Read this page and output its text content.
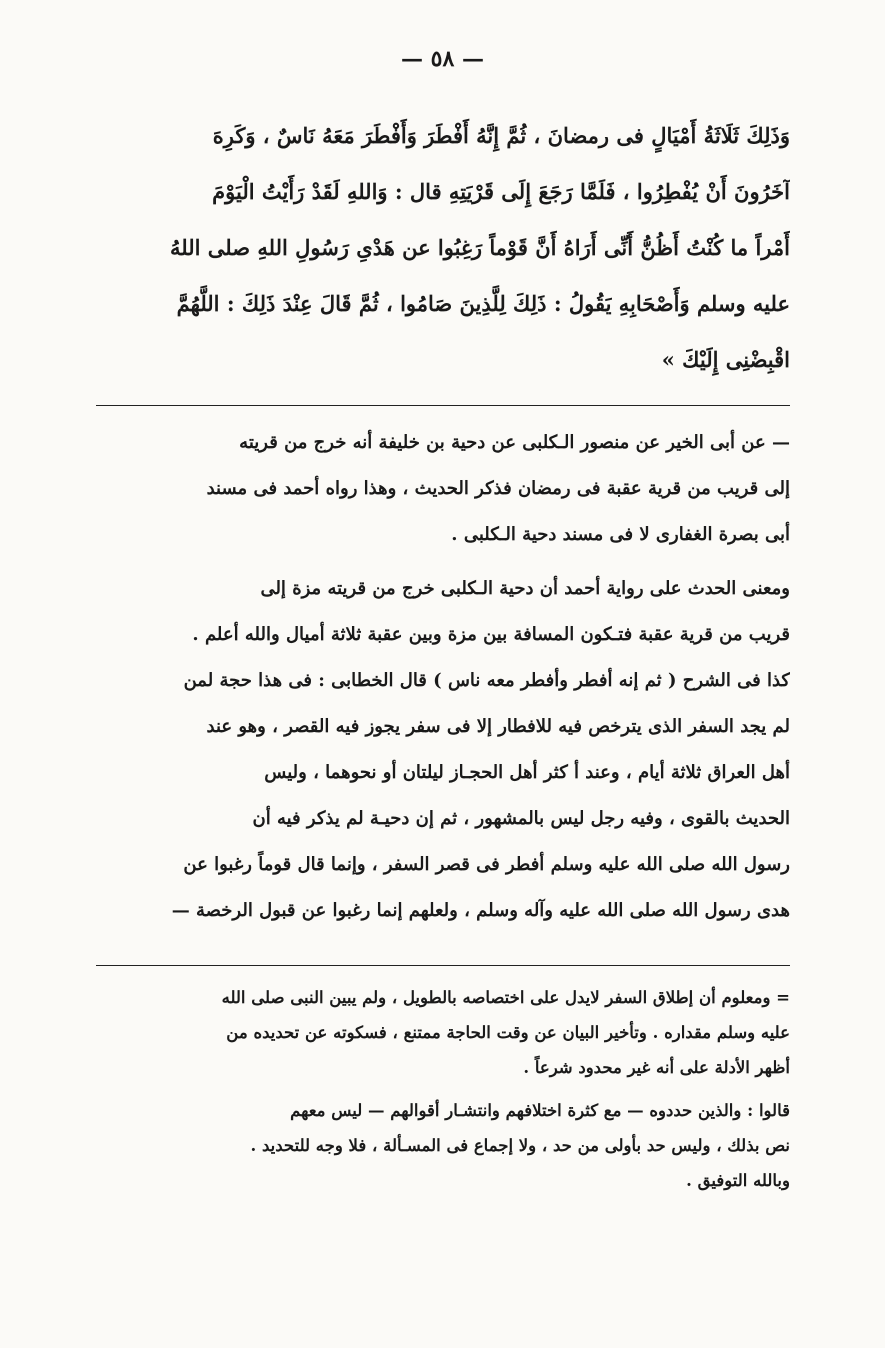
— ٥٨ —
وَذَلِكَ ثَلَاثَةُ أَمْيَالٍ فى رمضانَ ، ثُمَّ إِنَّهُ أَفْطَرَ وَأَفْطَرَ مَعَهُ نَاسٌ ، وَكَرِهَ
آخَرُونَ أَنْ يُفْطِرُوا ، فَلَمَّا رَجَعَ إِلَى قَرْيَتِهِ قال : وَاللهِ لَقَدْ رَأَيْتُ الْيَوْمَ
أَمْراً ما كُنْتُ أَظُنُّ أَنِّى أَرَاهُ أَنَّ قَوْماً رَغِبُوا عن هَدْىِ رَسُولِ اللهِ صلى اللهُ
عليه وسلم وَأَصْحَابِهِ يَقُولُ : ذَلِكَ لِلَّذِينَ صَامُوا ، ثُمَّ قَالَ عِنْدَ ذَلِكَ : اللَّهُمَّ
اقْبِضْنِى إِلَيْكَ »
— عن أبى الخير عن منصور الـكلبى عن دحية بن خليفة أنه خرج من قريته
إلى قريب من قرية عقبة فى رمضان فذكر الحديث ، وهذا رواه أحمد فى مسند
أبى بصرة الغفارى لا فى مسند دحية الـكلبى .
ومعنى الحدث على رواية أحمد أن دحية الـكلبى خرج من قريته مزة إلى
قريب من قرية عقبة فتـكون المسافة بين مزة وبين عقبة ثلاثة أميال والله أعلم .
كذا فى الشرح ( ثم إنه أفطر وأفطر معه ناس ) قال الخطابى : فى هذا حجة لمن
لم يجد السفر الذى يترخص فيه للافطار إلا فى سفر يجوز فيه القصر ، وهو عند
أهل العراق ثلاثة أيام ، وعند أ كثر أهل الحجـاز ليلتان أو نحوهما ، وليس
الحديث بالقوى ، وفيه رجل ليس بالمشهور ، ثم إن دحيـة لم يذكر فيه أن
رسول الله صلى الله عليه وسلم أفطر فى قصر السفر ، وإنما قال قوماً رغبوا عن
هدى رسول الله صلى الله عليه وآله وسلم ، ولعلهم إنما رغبوا عن قبول الرخصة —
= ومعلوم أن إطلاق السفر لايدل على اختصاصه بالطويل ، ولم يبين النبى صلى الله
عليه وسلم مقداره . وتأخير البيان عن وقت الحاجة ممتنع ، فسكوته عن تحديده من
أظهر الأدلة على أنه غير محدود شرعاً .
قالوا : والذين حددوه — مع كثرة اختلافهم وانتشـار أقوالهم — ليس معهم
نص بذلك ، وليس حد بأولى من حد ، ولا إجماع فى المسـألة ، فلا وجه للتحديد .
وبالله التوفيق .
